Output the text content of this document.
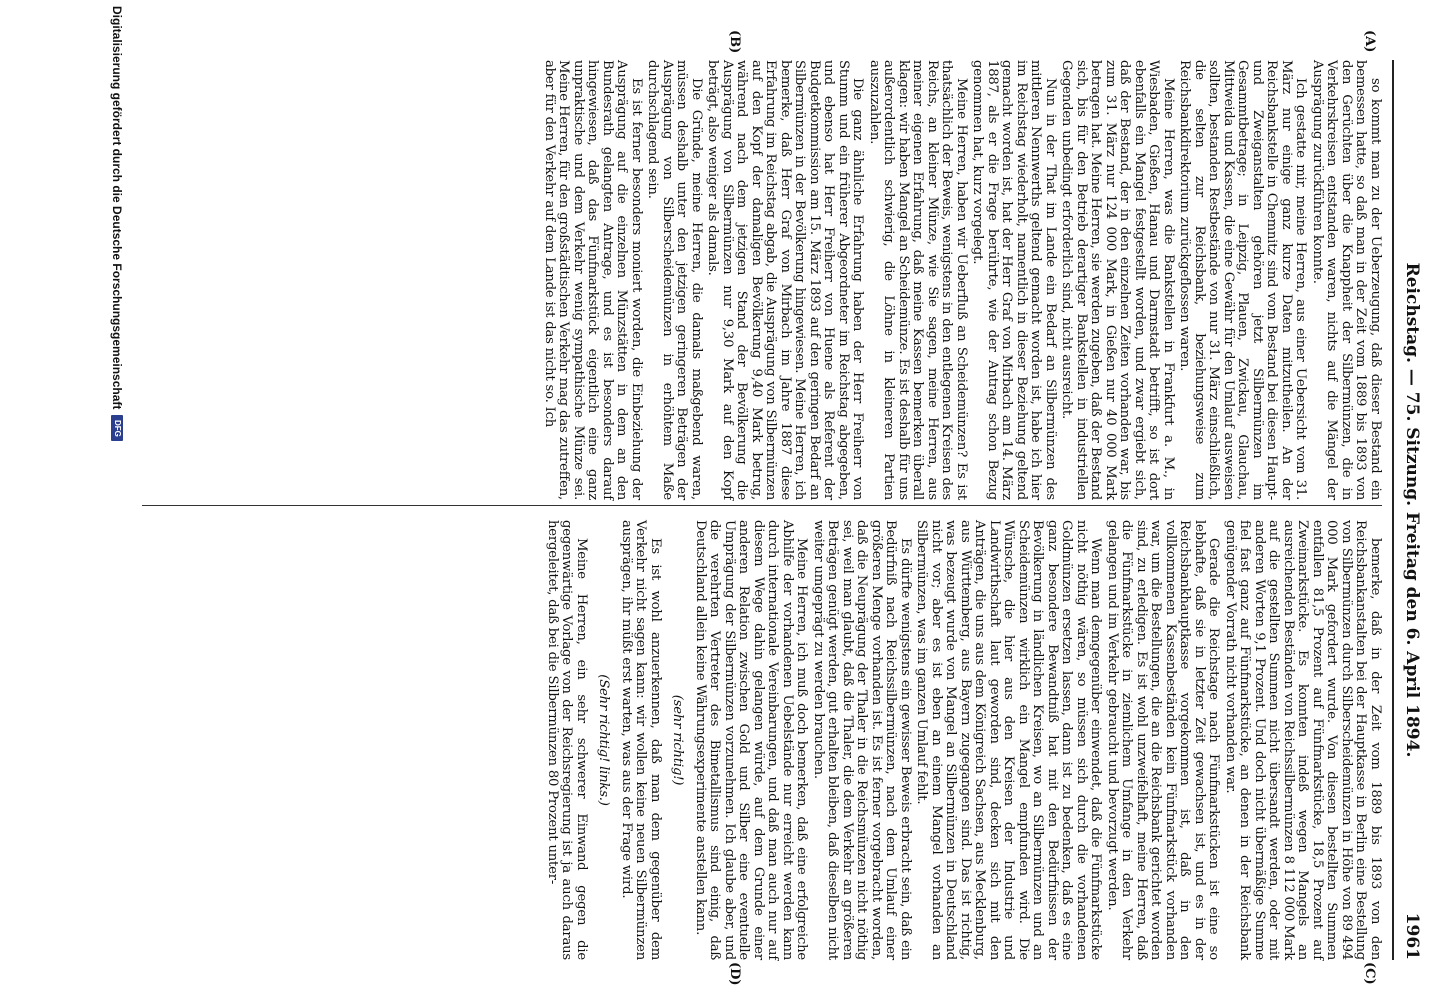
Reichstag. — 75. Sitzung. Freitag den 6. April 1894.
1961
(A)
(B)
(C)
(D)

so kommt man zu der Ueberzeugung, daß dieser Bestand ein bemessen hatte, so daß man in der Zeit vom 1889 bis 1893 von den Gerüchten über die Knappheit der Silbermünzen, die in Verkehrskreisen entstanden waren, nichts auf die Mängel der Ausprägung zurückführen konnte.

Ich gestatte mir, meine Herren, aus einer Uebersicht vom 31. März nur einige ganz kurze Daten mitzutheilen. An der Reichsbankstelle in Chemnitz sind vom Bestand bei diesen Haupt- und Zweiganstalten gehören jetzt Silbermünzen im Gesammtbetrage; in Leipzig, Plauen, Zwickau, Glauchau, Mittweida und Kassen, die eine Gewähr für den Umlauf ausweisen sollten, bestanden Restbestände von nur 31. März einschließlich, die selten zur Reichsbank, beziehungsweise zum Reichsbankdirektorium zurückgeflossen waren.

Meine Herren, was die Bankstellen in Frankfurt a. M., in Wiesbaden, Gießen, Hanau und Darmstadt betrifft, so ist dort ebenfalls ein Mangel festgestellt worden, und zwar ergiebt sich, daß der Bestand, der in den einzelnen Zeiten vorhanden war, bis zum 31. März nur 124 000 Mark, in Gießen nur 40 000 Mark betragen hat. Meine Herren, sie werden zugeben, daß der Bestand sich, bis für den Betrieb derartiger Bankstellen in industriellen Gegenden unbedingt erforderlich sind, nicht ausreicht.

Nun in der That im Lande ein Bedarf an Silbermünzen des mittleren Nennwerths geltend gemacht worden ist, habe ich hier im Reichstag wiederholt, namentlich in dieser Beziehung geltend gemacht worden ist, hat der Herr Graf von Mirbach am 14. März 1887, als er die Frage berührte, wie der Antrag schon Bezug genommen hat, kurz vorgelegt.

Meine Herren, haben wir Ueberfluß an Scheidemünzen? Es ist thatsächlich der Beweis, wenigstens in den entlegenen Kreisen des Reichs, an kleiner Münze, wie Sie sagen, meine Herren, aus meiner eigenen Erfahrung, daß meine Kassen bemerken überall klagen: wir haben Mangel an Scheidemünze. Es ist deshalb für uns außerordentlich schwierig, die Löhne in kleineren Partien auszuzahlen.

Die ganz ähnliche Erfahrung haben der Herr Freiherr von Stumm und ein früherer Abgeordneter im Reichstag abgegeben, und ebenso hat Herr Freiherr von Huene als Referent der Budgetkommission am 15. März 1893 auf den geringen Bedarf an Silbermünzen in der Bevölkerung hingewiesen. Meine Herren, ich bemerke, daß Herr Graf von Mirbach im Jahre 1887 diese Erfahrung im Reichstag abgab, die Ausprägung von Silbermünzen auf den Kopf der damaligen Bevölkerung 9,40 Mark betrug, während nach dem jetzigen Stand der Bevölkerung die Ausprägung von Silbermünzen nur 9,30 Mark auf den Kopf beträgt, also weniger als damals.

Die Gründe, meine Herren, die damals maßgebend waren, müssen deshalb unter den jetzigen geringeren Beträgen der Ausprägung von Silberscheidemünzen in erhöhtem Maße durchschlagend sein.

Es ist ferner besonders moniert worden, die Einbeziehung der Ausprägung auf die einzelnen Münzstätten in dem an den Bundesrath gelangten Antrage, und es ist besonders darauf hingewiesen, daß das Fünfmarkstück eigentlich eine ganz unpraktische und dem Verkehr wenig sympathische Münze sei. Meine Herren, für den großstädtischen Verkehr mag das zutreffen, aber für den Verkehr auf dem Lande ist das nicht so. Ich

bemerke, daß in der Zeit vom 1889 bis 1893 von den Reichsbankanstalten bei der Hauptkasse in Berlin eine Bestellung von Silbermünzen durch Silberscheidemünzen in Höhe von 89 494 000 Mark gefordert wurde. Von diesen bestellten Summen entfallen 81,5 Prozent auf Fünfmarkstücke, 18,5 Prozent auf Zweimarkstücke. Es konnten indeß wegen Mangels an ausreichenden Beständen von Reichssilbermünzen 8 112 000 Mark auf die gestellten Summen nicht übersandt werden, oder mit anderen Worten 9,1 Prozent. Und doch nicht übermäßige Summe fiel fast ganz auf Fünfmarkstücke, an denen in der Reichsbank genügender Vorrath nicht vorhanden war.

Gerade die Reichstage nach Fünfmarkstücken ist eine so lebhafte, daß sie in letzter Zeit gewachsen ist, und es in der Reichsbankhauptkasse vorgekommen ist, daß in den vollkommenen Kassenbeständen kein Fünfmarkstück vorhanden war, um die Bestellungen, die an die Reichsbank gerichtet worden sind, zu erledigen. Es ist wohl unzweifelhaft, meine Herren, daß die Fünfmarkstücke in ziemlichem Umfange in den Verkehr gelangen und im Verkehr gebraucht und bevorzugt werden.

Wenn man demgegenüber einwendet, daß die Fünfmarkstücke nicht nöthig wären, so müssen sich durch die vorhandenen Goldmünzen ersetzen lassen, dann ist zu bedenken, daß es eine ganz besondere Bewandtniß hat mit den Bedürfnissen der Bevölkerung in ländlichen Kreisen, wo an Silbermünzen und an Scheidemünzen wirklich ein Mangel empfunden wird. Die Wünsche, die hier aus den Kreisen der Industrie und Landwirthschaft laut geworden sind, decken sich mit den Anträgen, die uns aus dem Königreich Sachsen, aus Mecklenburg, aus Württemberg, aus Bayern zugegangen sind. Das ist richtig, was bezeugt wurde von Mangel an Silbermünzen in Deutschland nicht vor; aber es ist eben an einem Mangel vorhanden an Silbermünzen, was im ganzen Umlauf fehlt.

Es dürfte wenigstens ein gewisser Beweis erbracht sein, daß ein Bedürfniß nach Reichssilbermünzen, nach dem Umlauf einer größeren Menge vorhanden ist. Es ist ferner vorgebracht worden, daß die Neuprägung der Thaler in die Reichsmünzen nicht nöthig sei, weil man glaubt, daß die Thaler, die dem Verkehr an größeren Beträgen genügt werden, gut erhalten bleiben, daß dieselben nicht weiter umgeprägt zu werden brauchen.

Meine Herren, ich muß doch bemerken, daß eine erfolgreiche Abhilfe der vorhandenen Uebelstände nur erreicht werden kann durch internationale Vereinbarungen, und daß man auch nur auf diesem Wege dahin gelangen würde, auf dem Grunde einer anderen Relation zwischen Gold und Silber eine eventuelle Umprägung der Silbermünzen vorzunehmen. Ich glaube aber, und die verehrten Vertreter des Bimetallismus sind einig, daß Deutschland allein keine Währungsexperimente anstellen kann.

(sehr richtig!)

Es ist wohl anzuerkennen, daß man dem gegenüber dem Verkehr nicht sagen kann: wir wollen keine neuen Silbermünzen ausprägen, ihr müßt erst warten, was aus der Frage wird.

(Sehr richtig! links.)

Meine Herren, ein sehr schwerer Einwand gegen die gegenwärtige Vorlage von der Reichsregierung ist ja auch daraus hergeleitet, daß bei die Silbermünzen 80 Prozent unter-

Digitalisierung gefördert durch die Deutsche Forschungsgemeinschaft
DFG
